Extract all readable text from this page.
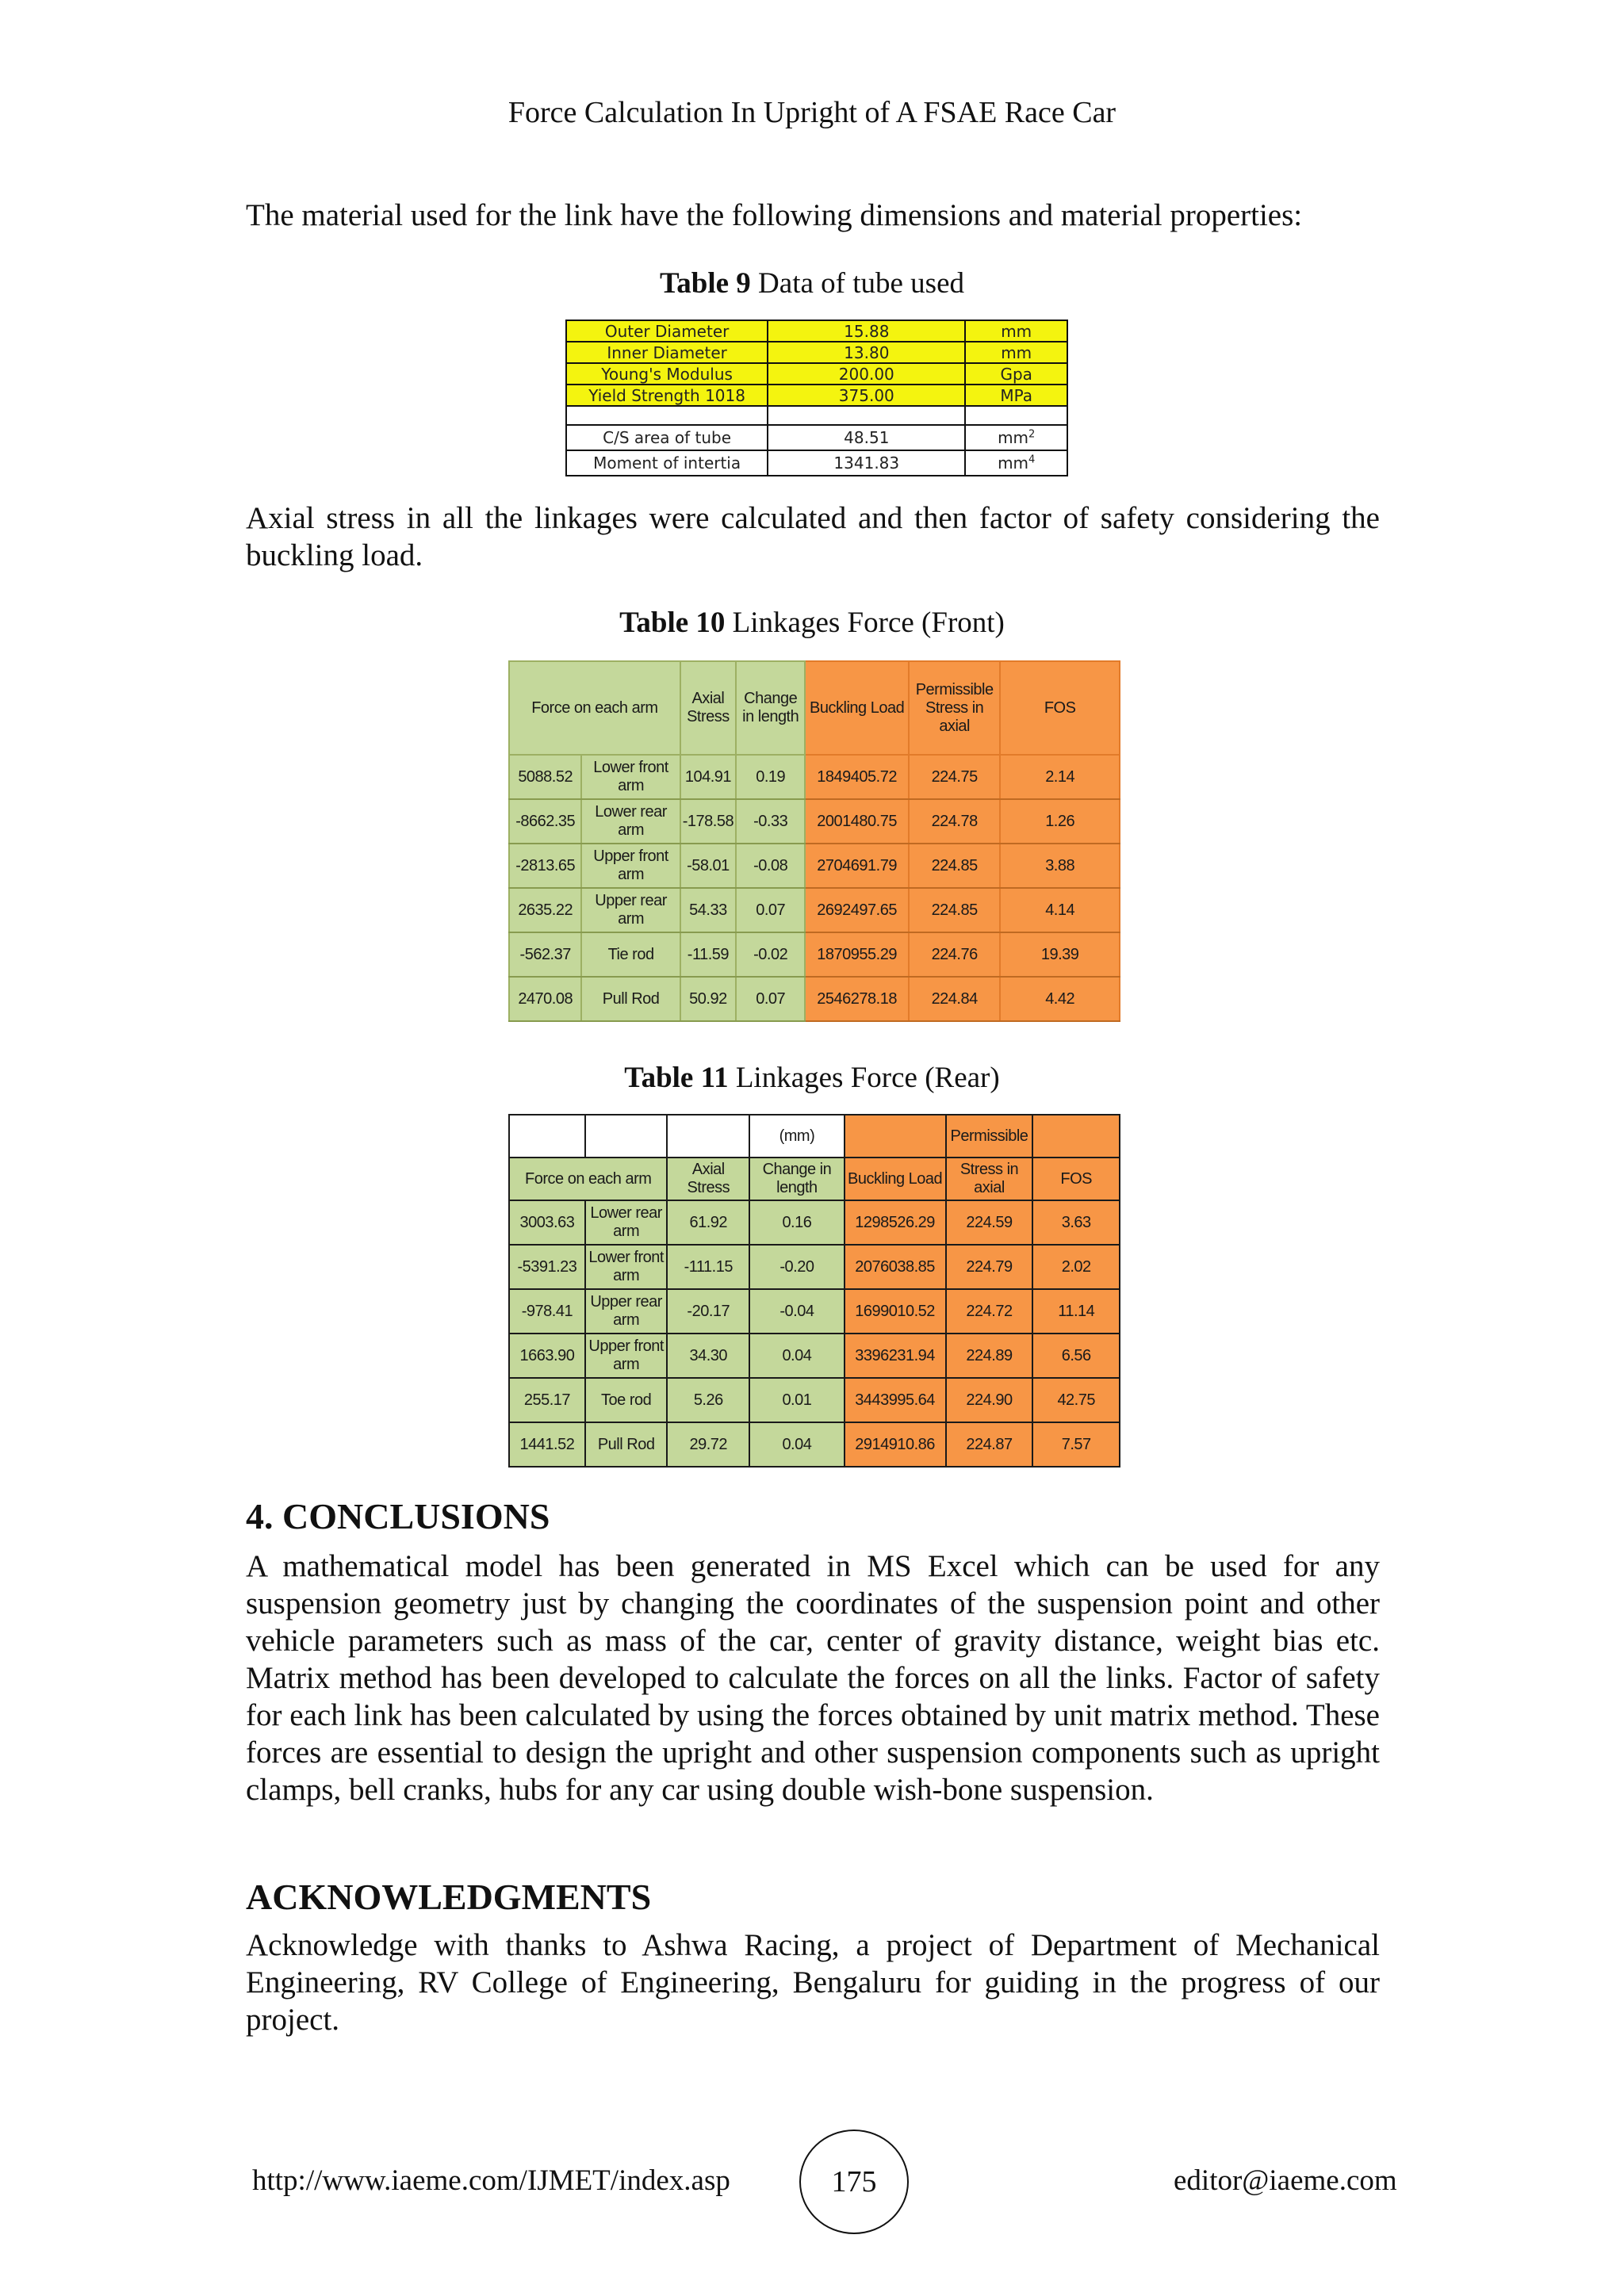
Force Calculation In Upright of A FSAE Race Car
The material used for the link have the following dimensions and material properties:
Table 9 Data of tube used
Outer Diameter	15.88	mm
Inner Diameter	13.80	mm
Young's Modulus	200.00	Gpa
Yield Strength 1018	375.00	MPa

C/S area of tube	48.51	$mm^2$
Moment of intertia	1341.83	$mm^4$
Axial stress in all the linkages were calculated and then factor of safety considering the buckling load.
Table 10 Linkages Force (Front)
Force on each arm		Axial Stress	Change in length	Buckling Load	Permissible Stress in axial	FOS
5088.52	Lower front arm	104.91	0.19	1849405.72	224.75	2.14
-8662.35	Lower rear arm	-178.58	-0.33	2001480.75	224.78	1.26
-2813.65	Upper front arm	-58.01	-0.08	2704691.79	224.85	3.88
2635.22	Upper rear arm	54.33	0.07	2692497.65	224.85	4.14
-562.37	Tie rod	-11.59	-0.02	1870955.29	224.76	19.39
2470.08	Pull Rod	50.92	0.07	2546278.18	224.84	4.42
Table 11 Linkages Force (Rear)
			(mm)		Permissible	
Force on each arm		Axial Stress	Change in length	Buckling Load	Stress in axial	FOS
3003.63	Lower rear arm	61.92	0.16	1298526.29	224.59	3.63
-5391.23	Lower front arm	-111.15	-0.20	2076038.85	224.79	2.02
-978.41	Upper rear arm	-20.17	-0.04	1699010.52	224.72	11.14
1663.90	Upper front arm	34.30	0.04	3396231.94	224.89	6.56
255.17	Toe rod	5.26	0.01	3443995.64	224.90	42.75
1441.52	Pull Rod	29.72	0.04	2914910.86	224.87	7.57
4. CONCLUSIONS
A mathematical model has been generated in MS Excel which can be used for any suspension geometry just by changing the coordinates of the suspension point and other vehicle parameters such as mass of the car, center of gravity distance, weight bias etc. Matrix method has been developed to calculate the forces on all the links. Factor of safety for each link has been calculated by using the forces obtained by unit matrix method. These forces are essential to design the upright and other suspension components such as upright clamps, bell cranks, hubs for any car using double wish-bone suspension.
ACKNOWLEDGMENTS
Acknowledge with thanks to Ashwa Racing, a project of Department of Mechanical Engineering, RV College of Engineering, Bengaluru for guiding in the progress of our project.
http://www.iaeme.com/IJMET/index.asp	175	editor@iaeme.com
